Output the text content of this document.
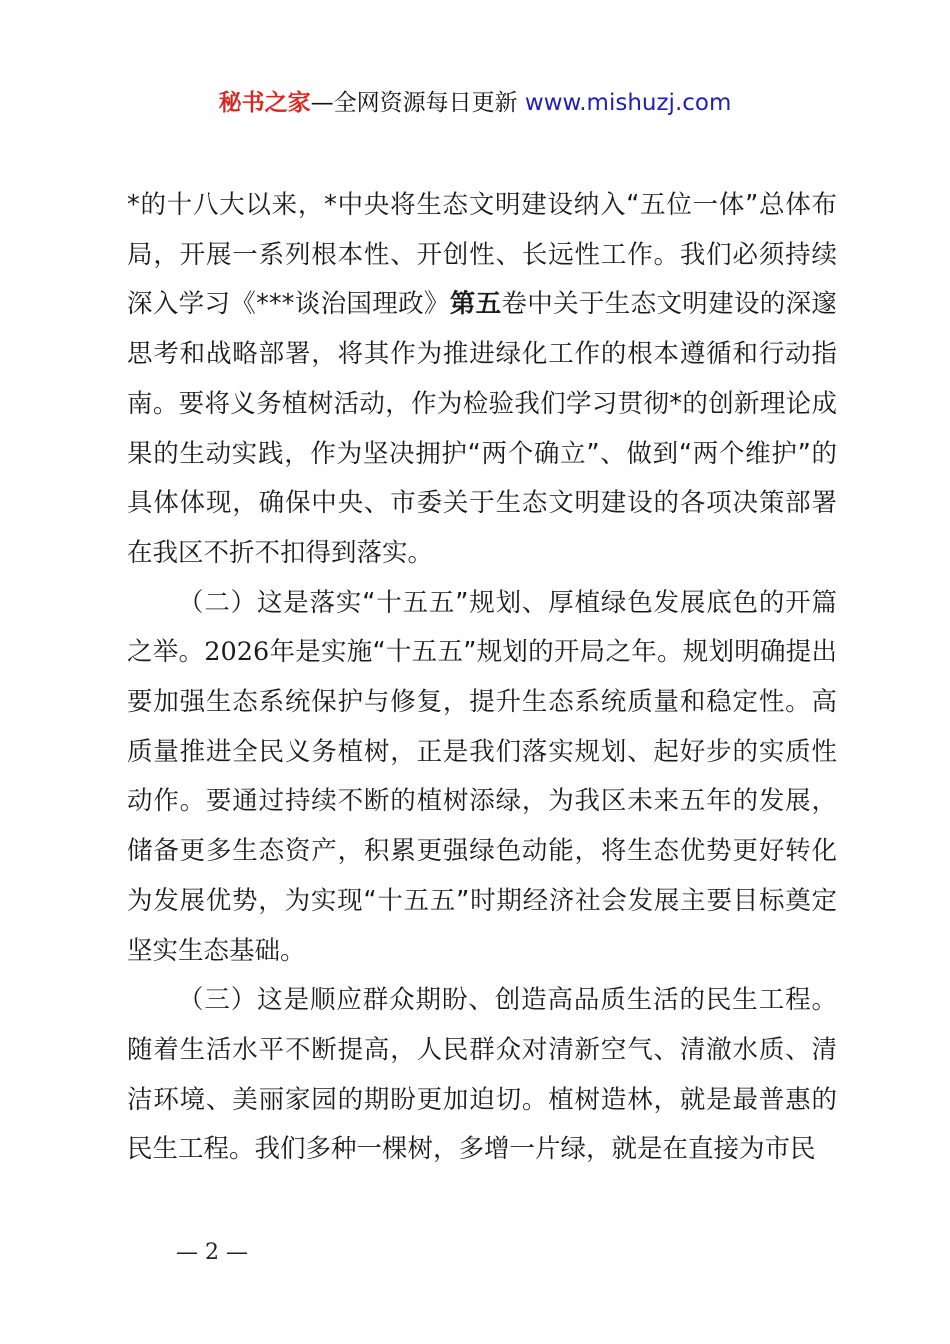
秘书之家—全网资源每日更新 www.mishuzj.com

*的十八大以来，*中央将生态文明建设纳入“五位一体”总体布局，开展一系列根本性、开创性、长远性工作。我们必须持续深入学习《***谈治国理政》第五卷中关于生态文明建设的深邃思考和战略部署，将其作为推进绿化工作的根本遵循和行动指南。要将义务植树活动，作为检验我们学习贯彻*的创新理论成果的生动实践，作为坚决拥护“两个确立”、做到“两个维护”的具体体现，确保中央、市委关于生态文明建设的各项决策部署在我区不折不扣得到落实。

（二）这是落实“十五五”规划、厚植绿色发展底色的开篇之举。2026年是实施“十五五”规划的开局之年。规划明确提出要加强生态系统保护与修复，提升生态系统质量和稳定性。高质量推进全民义务植树，正是我们落实规划、起好步的实质性动作。要通过持续不断的植树添绿，为我区未来五年的发展，储备更多生态资产，积累更强绿色动能，将生态优势更好转化为发展优势，为实现“十五五”时期经济社会发展主要目标奠定坚实生态基础。

（三）这是顺应群众期盼、创造高品质生活的民生工程。随着生活水平不断提高，人民群众对清新空气、清澈水质、清洁环境、美丽家园的期盼更加迫切。植树造林，就是最普惠的民生工程。我们多种一棵树，多增一片绿，就是在直接为市民

— 2 —
